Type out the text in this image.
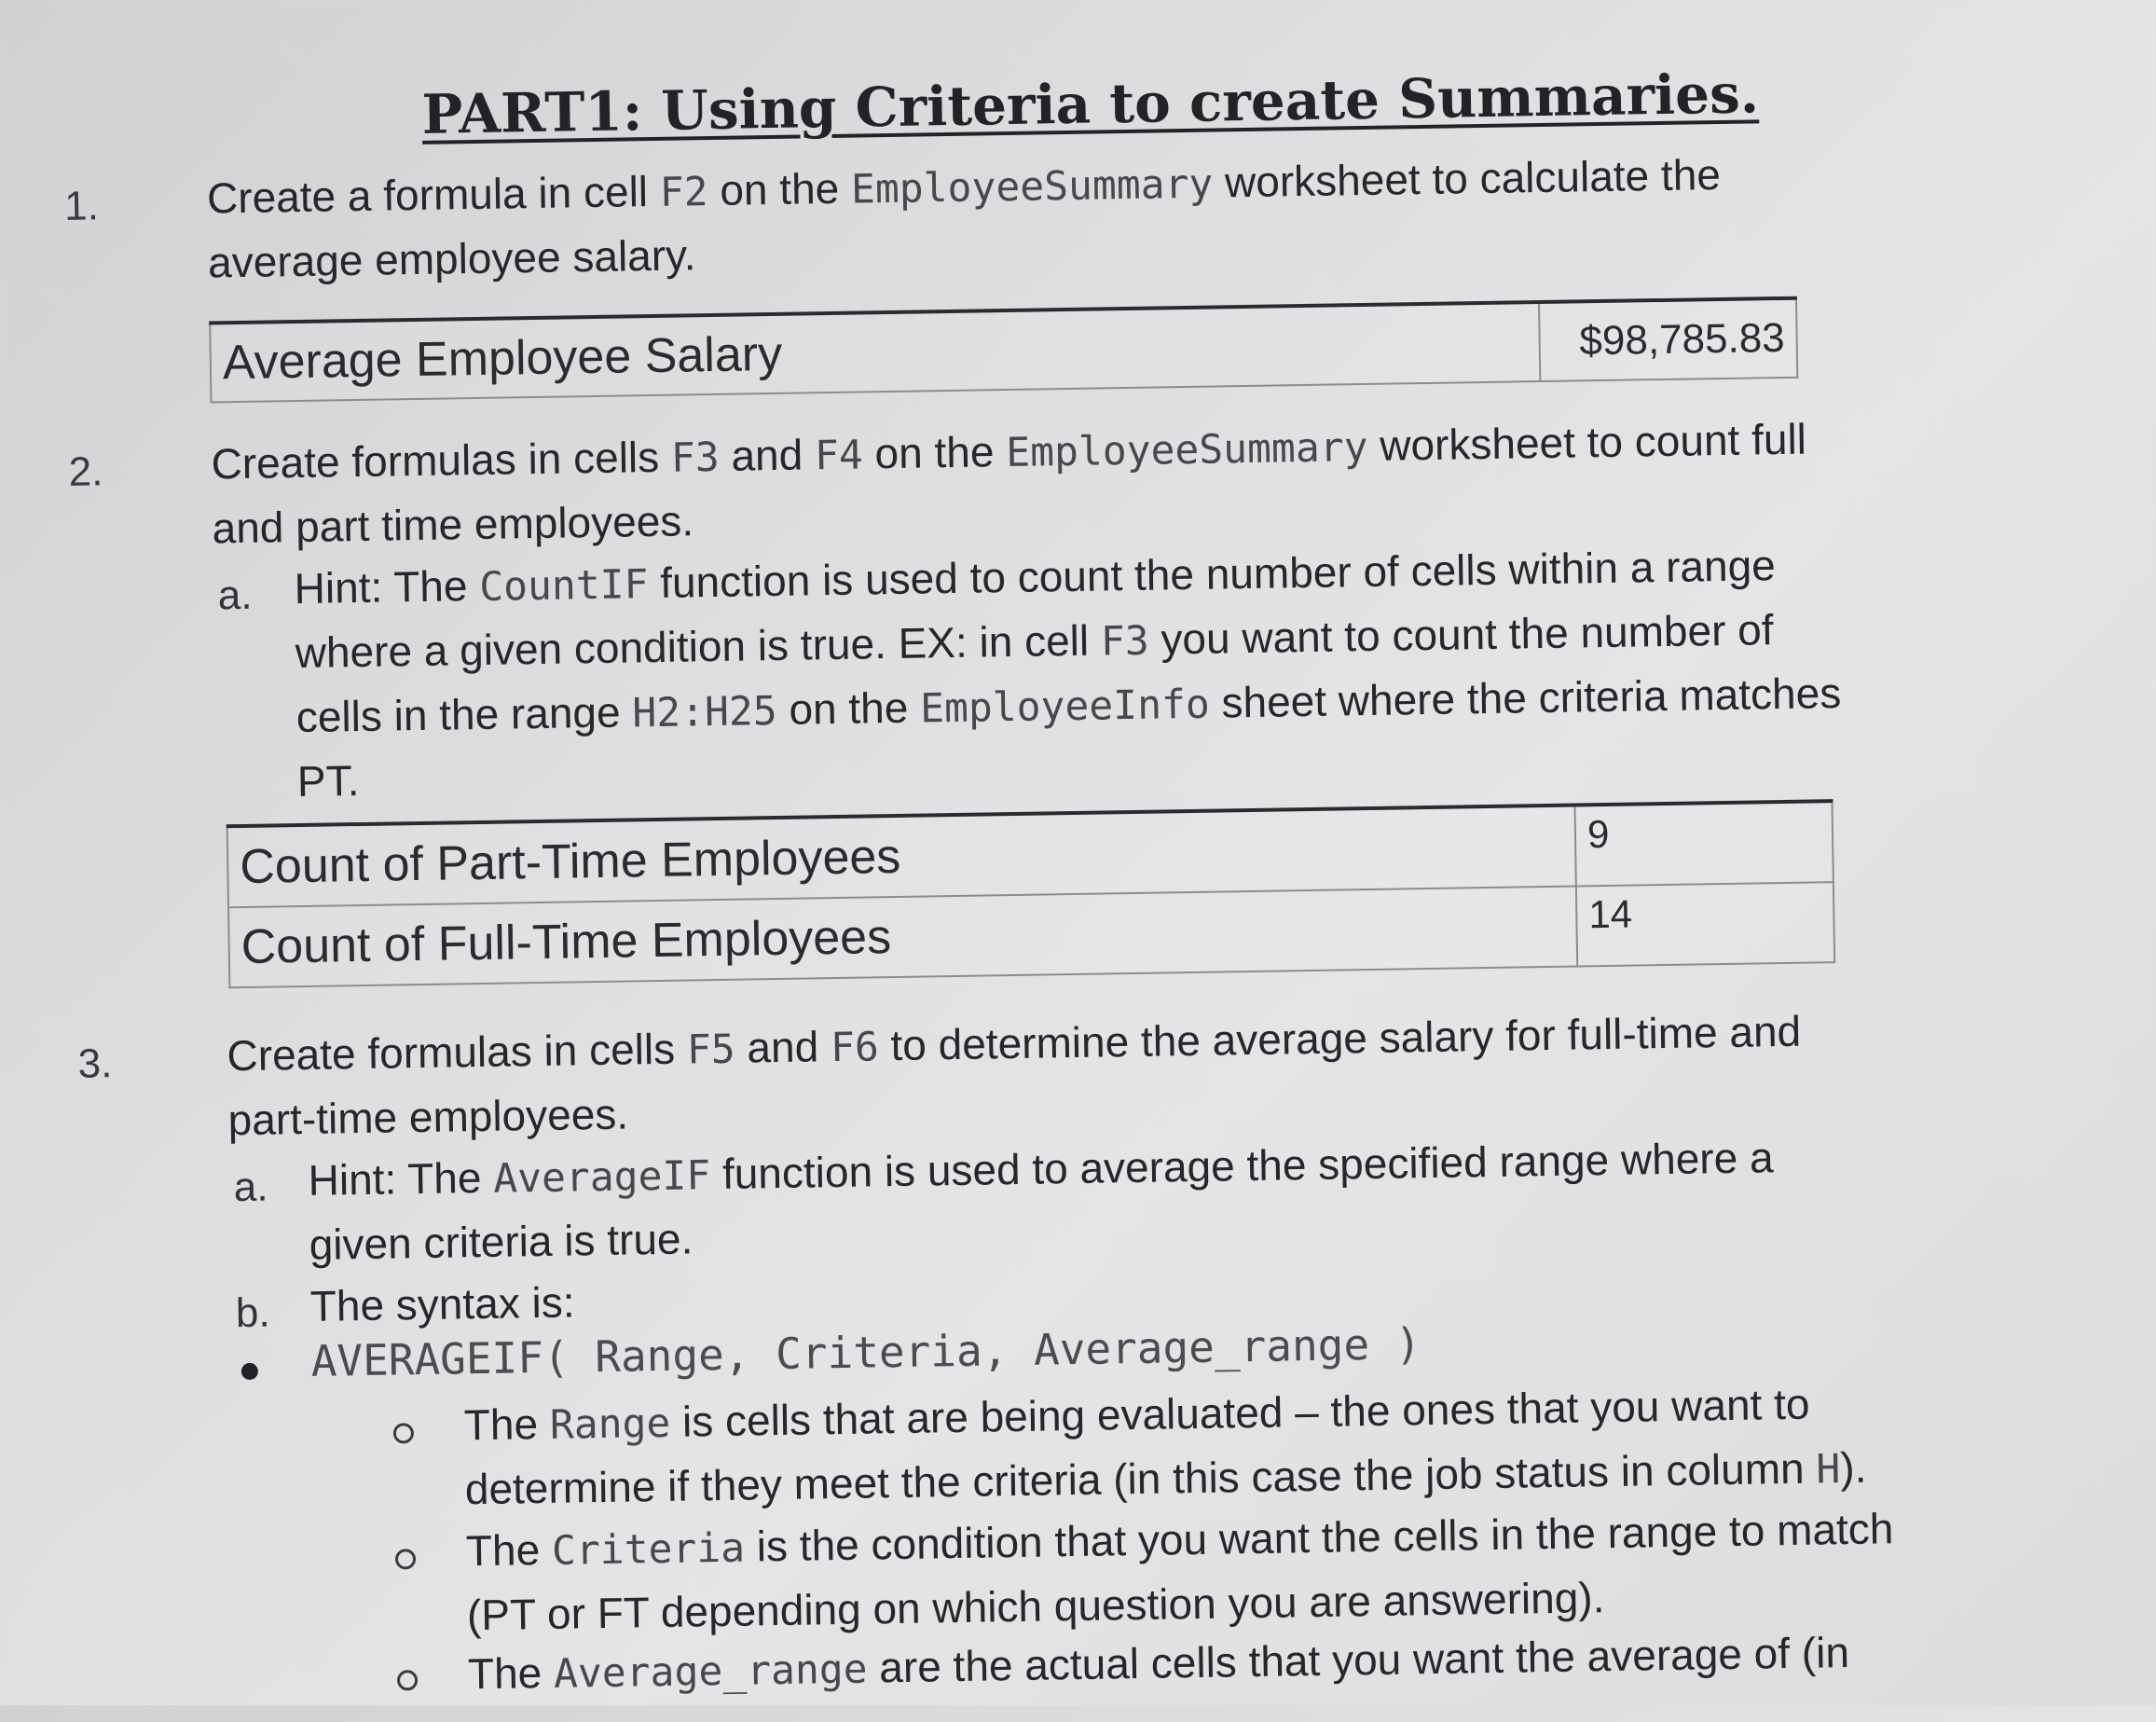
PART1: Using Criteria to create Summaries.
1.	Create a formula in cell F2 on the EmployeeSummary worksheet to calculate the average employee salary.
Average Employee Salary	$98,785.83
2.	Create formulas in cells F3 and F4 on the EmployeeSummary worksheet to count full and part time employees.
a. Hint: The CountIF function is used to count the number of cells within a range where a given condition is true. EX: in cell F3 you want to count the number of cells in the range H2:H25 on the EmployeeInfo sheet where the criteria matches PT.
Count of Part-Time Employees	9
Count of Full-Time Employees	14
3.	Create formulas in cells F5 and F6 to determine the average salary for full-time and part-time employees.
a. Hint: The AverageIF function is used to average the specified range where a given criteria is true.
b. The syntax is:
AVERAGEIF( Range, Criteria, Average_range )
The Range is cells that are being evaluated – the ones that you want to determine if they meet the criteria (in this case the job status in column H).
The Criteria is the condition that you want the cells in the range to match (PT or FT depending on which question you are answering).
The Average_range are the actual cells that you want the average of (in
